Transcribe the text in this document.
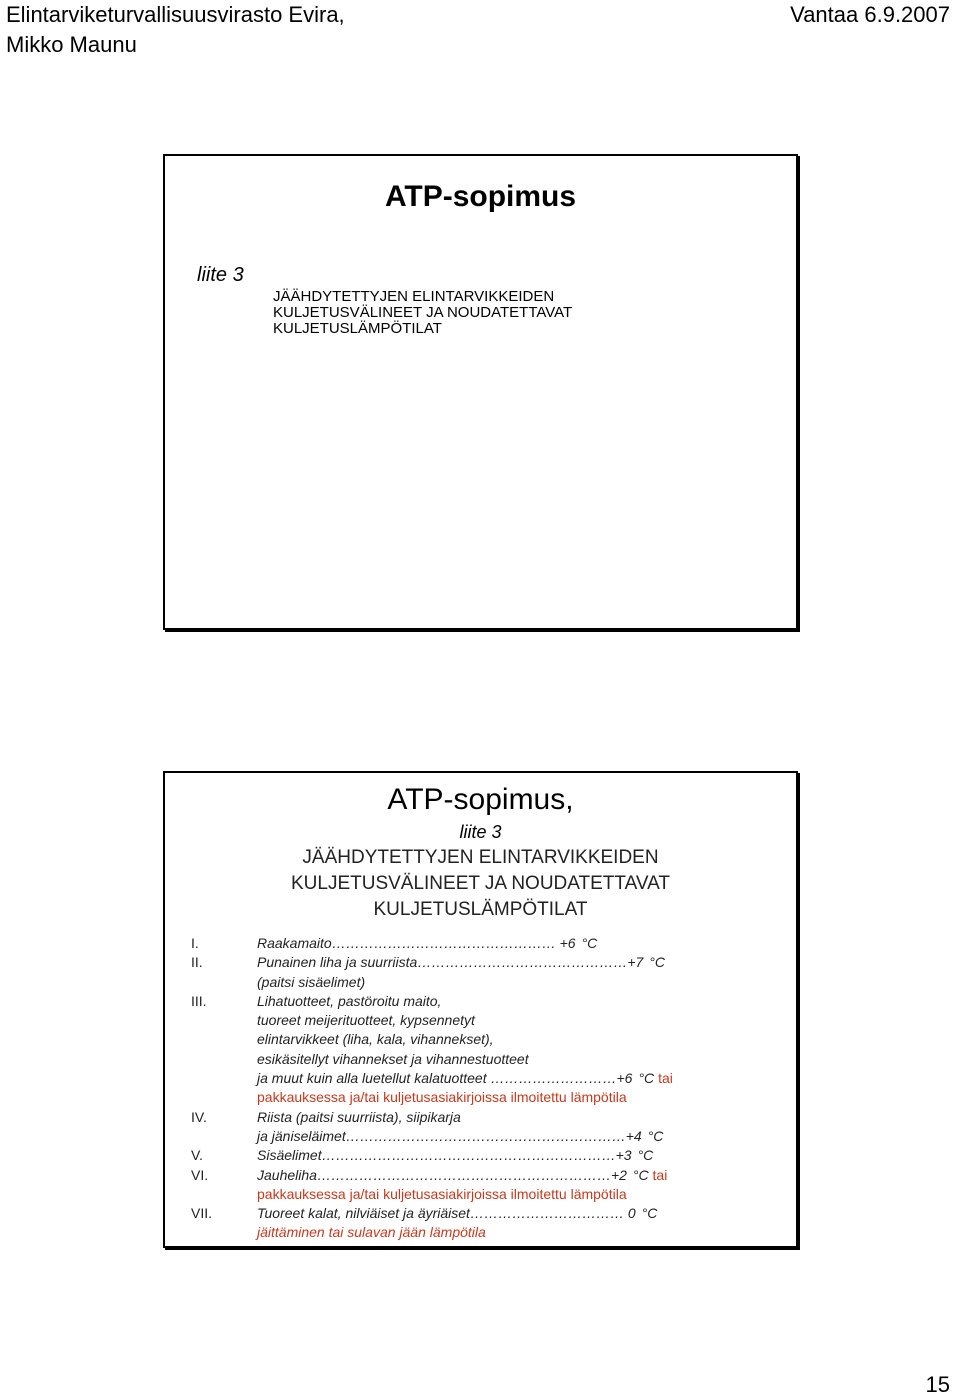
Elintarviketurvallisuusvirasto Evira,
Mikko Maunu
Vantaa 6.9.2007
ATP-sopimus
liite 3
JÄÄHDYTETTYJEN ELINTARVIKKEIDEN
KULJETUSVÄLINEET JA NOUDATETTAVAT
KULJETUSLÄMPÖTILAT
ATP-sopimus,
liite 3
JÄÄHDYTETTYJEN ELINTARVIKKEIDEN
KULJETUSVÄLINEET JA NOUDATETTAVAT
KULJETUSLÄMPÖTILAT
I.	Raakamaito………………………………………… +6 °C
II.	Punainen liha ja suurriista………………………………………+7 °C
(paitsi sisäelimet)
III.	Lihatuotteet, pastöroitu maito,
tuoreet meijerituotteet, kypsennetyt
elintarvikkeet (liha, kala, vihannekset),
esikäsitellyt vihannekset ja vihannestuotteet
ja muut kuin alla luetellut kalatuotteet ………………………+6 °C tai
pakkauksessa ja/tai kuljetusasiakirjoissa ilmoitettu lämpötila
IV.	Riista (paitsi suurriista), siipikarja
ja jäniseläimet……………………………………………………+4 °C
V.	Sisäelimet………………………………………………………+3 °C
VI.	Jauheliha………………………………………………………+2 °C tai
pakkauksessa ja/tai kuljetusasiakirjoissa ilmoitettu lämpötila
VII.	Tuoreet kalat, nilviäiset ja äyriäiset…………………………… 0 °C
jäittäminen tai sulavan jään lämpötila
15
